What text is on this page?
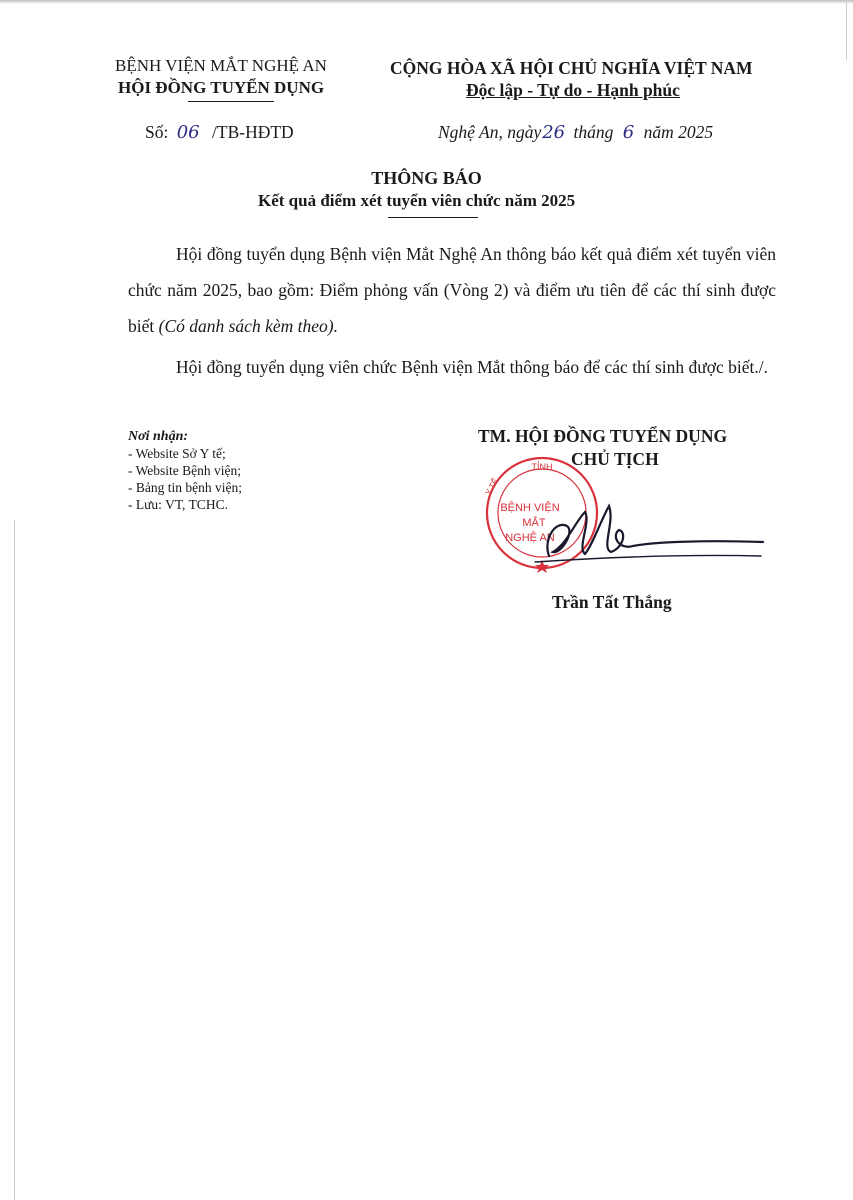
BỆNH VIỆN MẮT NGHỆ AN
HỘI ĐỒNG TUYỂN DỤNG
CỘNG HÒA XÃ HỘI CHỦ NGHĨA VIỆT NAM
Độc lập - Tự do - Hạnh phúc
Số: 06 /TB-HĐTD	Nghệ An, ngày26 tháng 6 năm 2025
THÔNG BÁO
Kết quả điểm xét tuyển viên chức năm 2025
Hội đồng tuyển dụng Bệnh viện Mắt Nghệ An thông báo kết quả điểm xét tuyển viên chức năm 2025, bao gồm: Điểm phỏng vấn (Vòng 2) và điểm ưu tiên để các thí sinh được biết (Có danh sách kèm theo).
Hội đồng tuyển dụng viên chức Bệnh viện Mắt thông báo để các thí sinh được biết./.
Nơi nhận:
- Website Sở Y tế;
- Website Bệnh viện;
- Bảng tin bệnh viện;
- Lưu: VT, TCHC.
TM. HỘI ĐỒNG TUYỂN DỤNG
CHỦ TỊCH
TỈNH
Y TẾ
BỆNH VIỆN
MẮT
NGHỆ AN
Trần Tất Thắng
